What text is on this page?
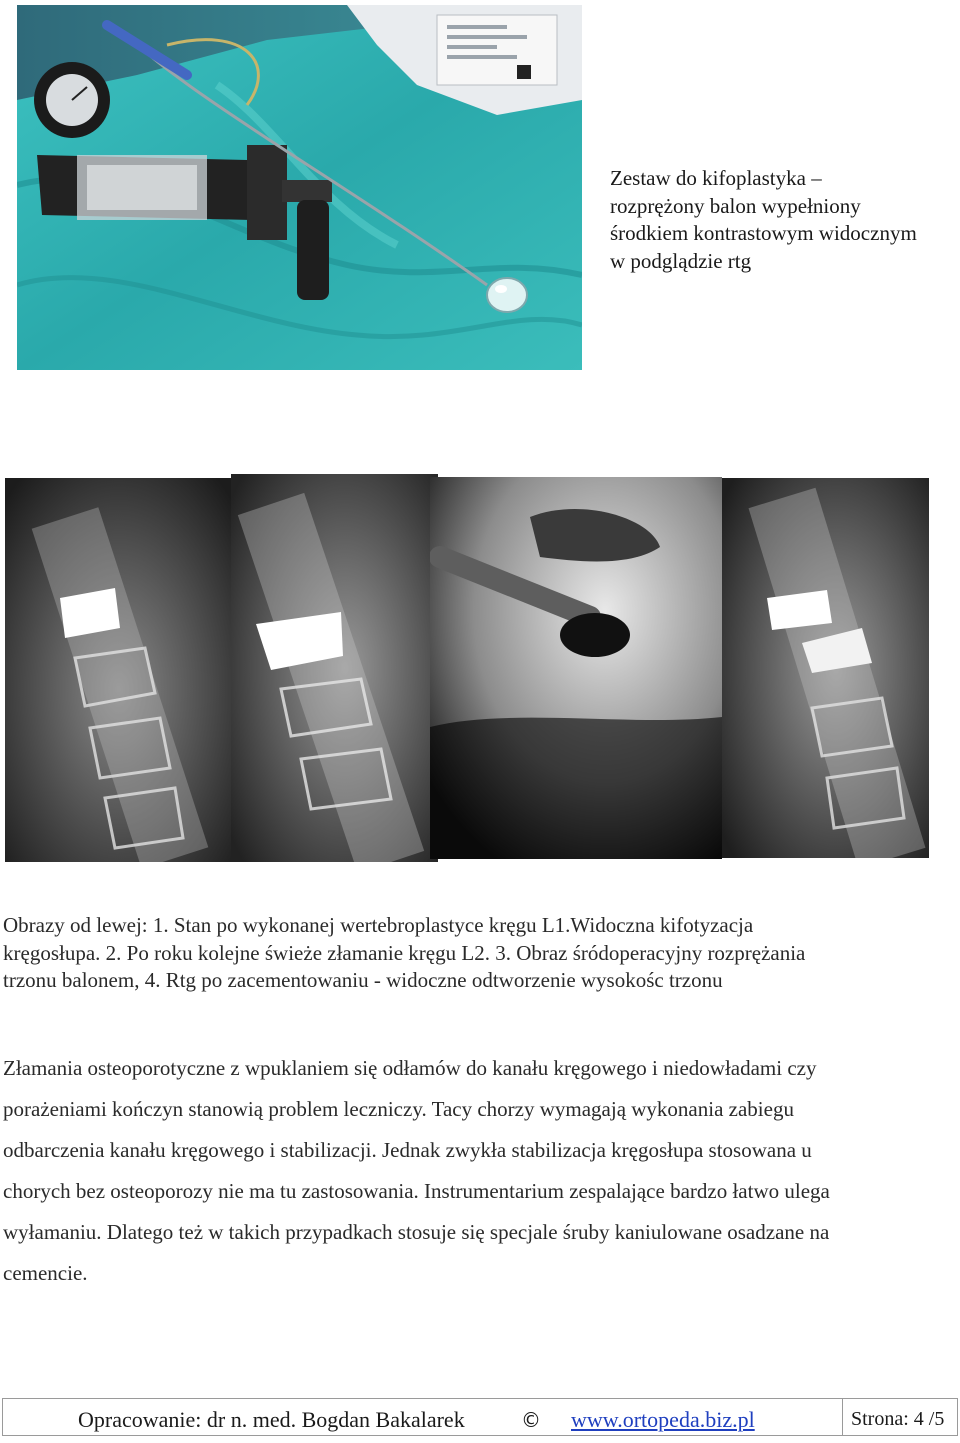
Zestaw do kifoplastyka –
rozprężony balon wypełniony
środkiem kontrastowym widocznym
w podglądzie rtg
Obrazy od lewej: 1. Stan po wykonanej wertebroplastyce kręgu L1.Widoczna kifotyzacja
kręgosłupa. 2. Po roku kolejne świeże złamanie kręgu L2. 3. Obraz śródoperacyjny rozprężania
trzonu balonem, 4. Rtg po zacementowaniu - widoczne odtworzenie wysokośc trzonu
Złamania osteoporotyczne z wpuklaniem się odłamów do kanału kręgowego i niedowładami czy
porażeniami kończyn stanowią problem leczniczy. Tacy chorzy wymagają wykonania zabiegu
odbarczenia kanału kręgowego i stabilizacji. Jednak zwykła stabilizacja kręgosłupa stosowana u
chorych bez osteoporozy nie ma tu zastosowania. Instrumentarium zespalające bardzo łatwo ulega
wyłamaniu. Dlatego też w takich przypadkach stosuje się specjale śruby kaniulowane osadzane na
cemencie.
Opracowanie: dr n. med. Bogdan Bakalarek	© www.ortopeda.biz.pl	Strona: 4 /5
